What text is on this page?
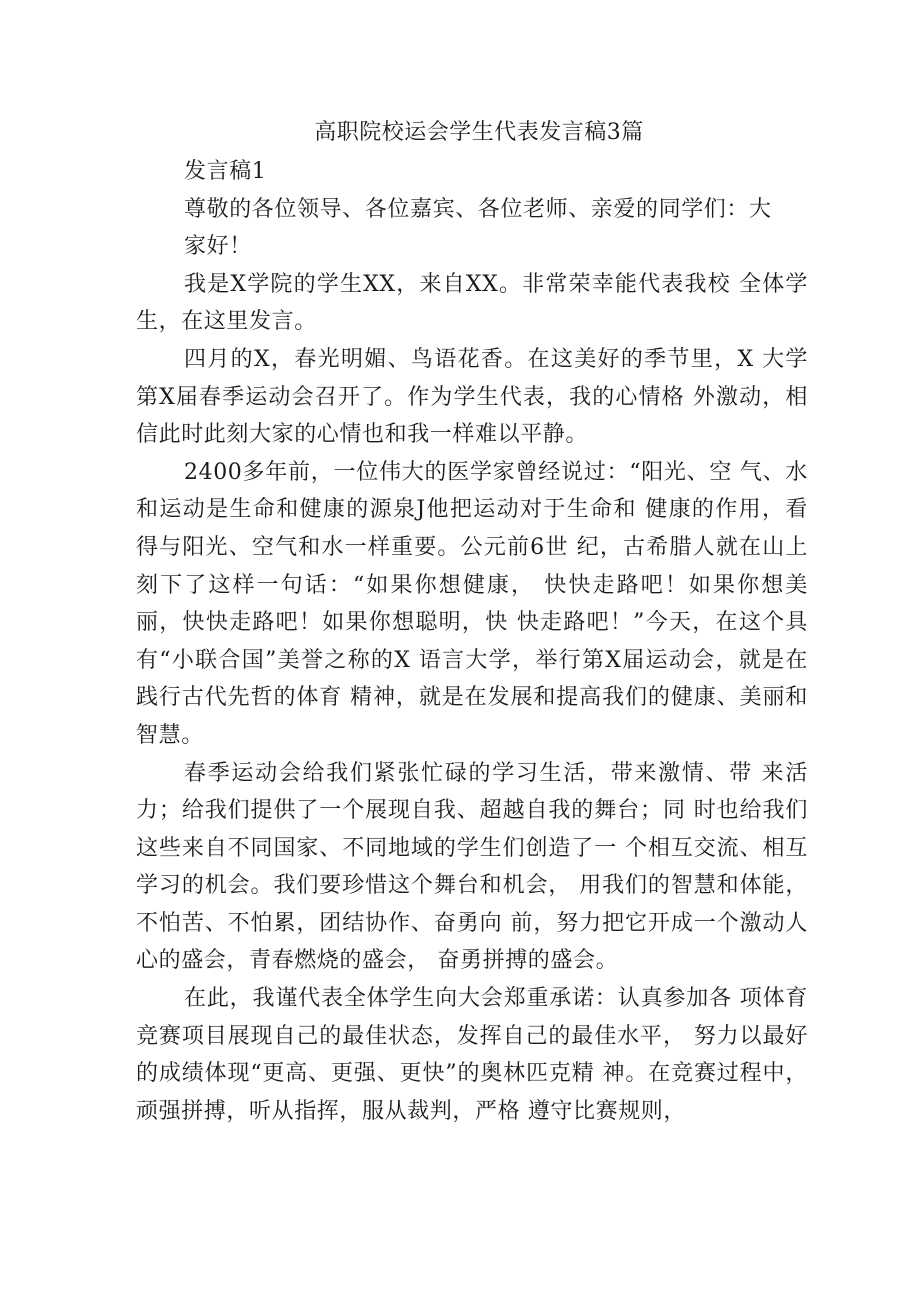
高职院校运会学生代表发言稿3篇

发言稿1

尊敬的各位领导、各位嘉宾、各位老师、亲爱的同学们：大

家好！

我是X学院的学生XX，来自XX。非常荣幸能代表我校 全体学生，在这里发言。

四月的X，春光明媚、鸟语花香。在这美好的季节里，X 大学第X届春季运动会召开了。作为学生代表，我的心情格 外激动，相信此时此刻大家的心情也和我一样难以平静。

2400多年前，一位伟大的医学家曾经说过：“阳光、空 气、水和运动是生命和健康的源泉J他把运动对于生命和 健康的作用，看得与阳光、空气和水一样重要。公元前6世 纪，古希腊人就在山上刻下了这样一句话：“如果你想健康， 快快走路吧！如果你想美丽，快快走路吧！如果你想聪明，快 快走路吧！”今天，在这个具有“小联合国”美誉之称的X 语言大学，举行第X届运动会，就是在践行古代先哲的体育 精神，就是在发展和提高我们的健康、美丽和智慧。

春季运动会给我们紧张忙碌的学习生活，带来激情、带 来活力；给我们提供了一个展现自我、超越自我的舞台；同 时也给我们这些来自不同国家、不同地域的学生们创造了一 个相互交流、相互学习的机会。我们要珍惜这个舞台和机会， 用我们的智慧和体能，不怕苦、不怕累，团结协作、奋勇向 前，努力把它开成一个激动人心的盛会，青春燃烧的盛会， 奋勇拼搏的盛会。

在此，我谨代表全体学生向大会郑重承诺：认真参加各 项体育竞赛项目展现自己的最佳状态，发挥自己的最佳水平， 努力以最好的成绩体现“更高、更强、更快”的奥林匹克精 神。在竞赛过程中，顽强拼搏，听从指挥，服从裁判，严格 遵守比赛规则，
